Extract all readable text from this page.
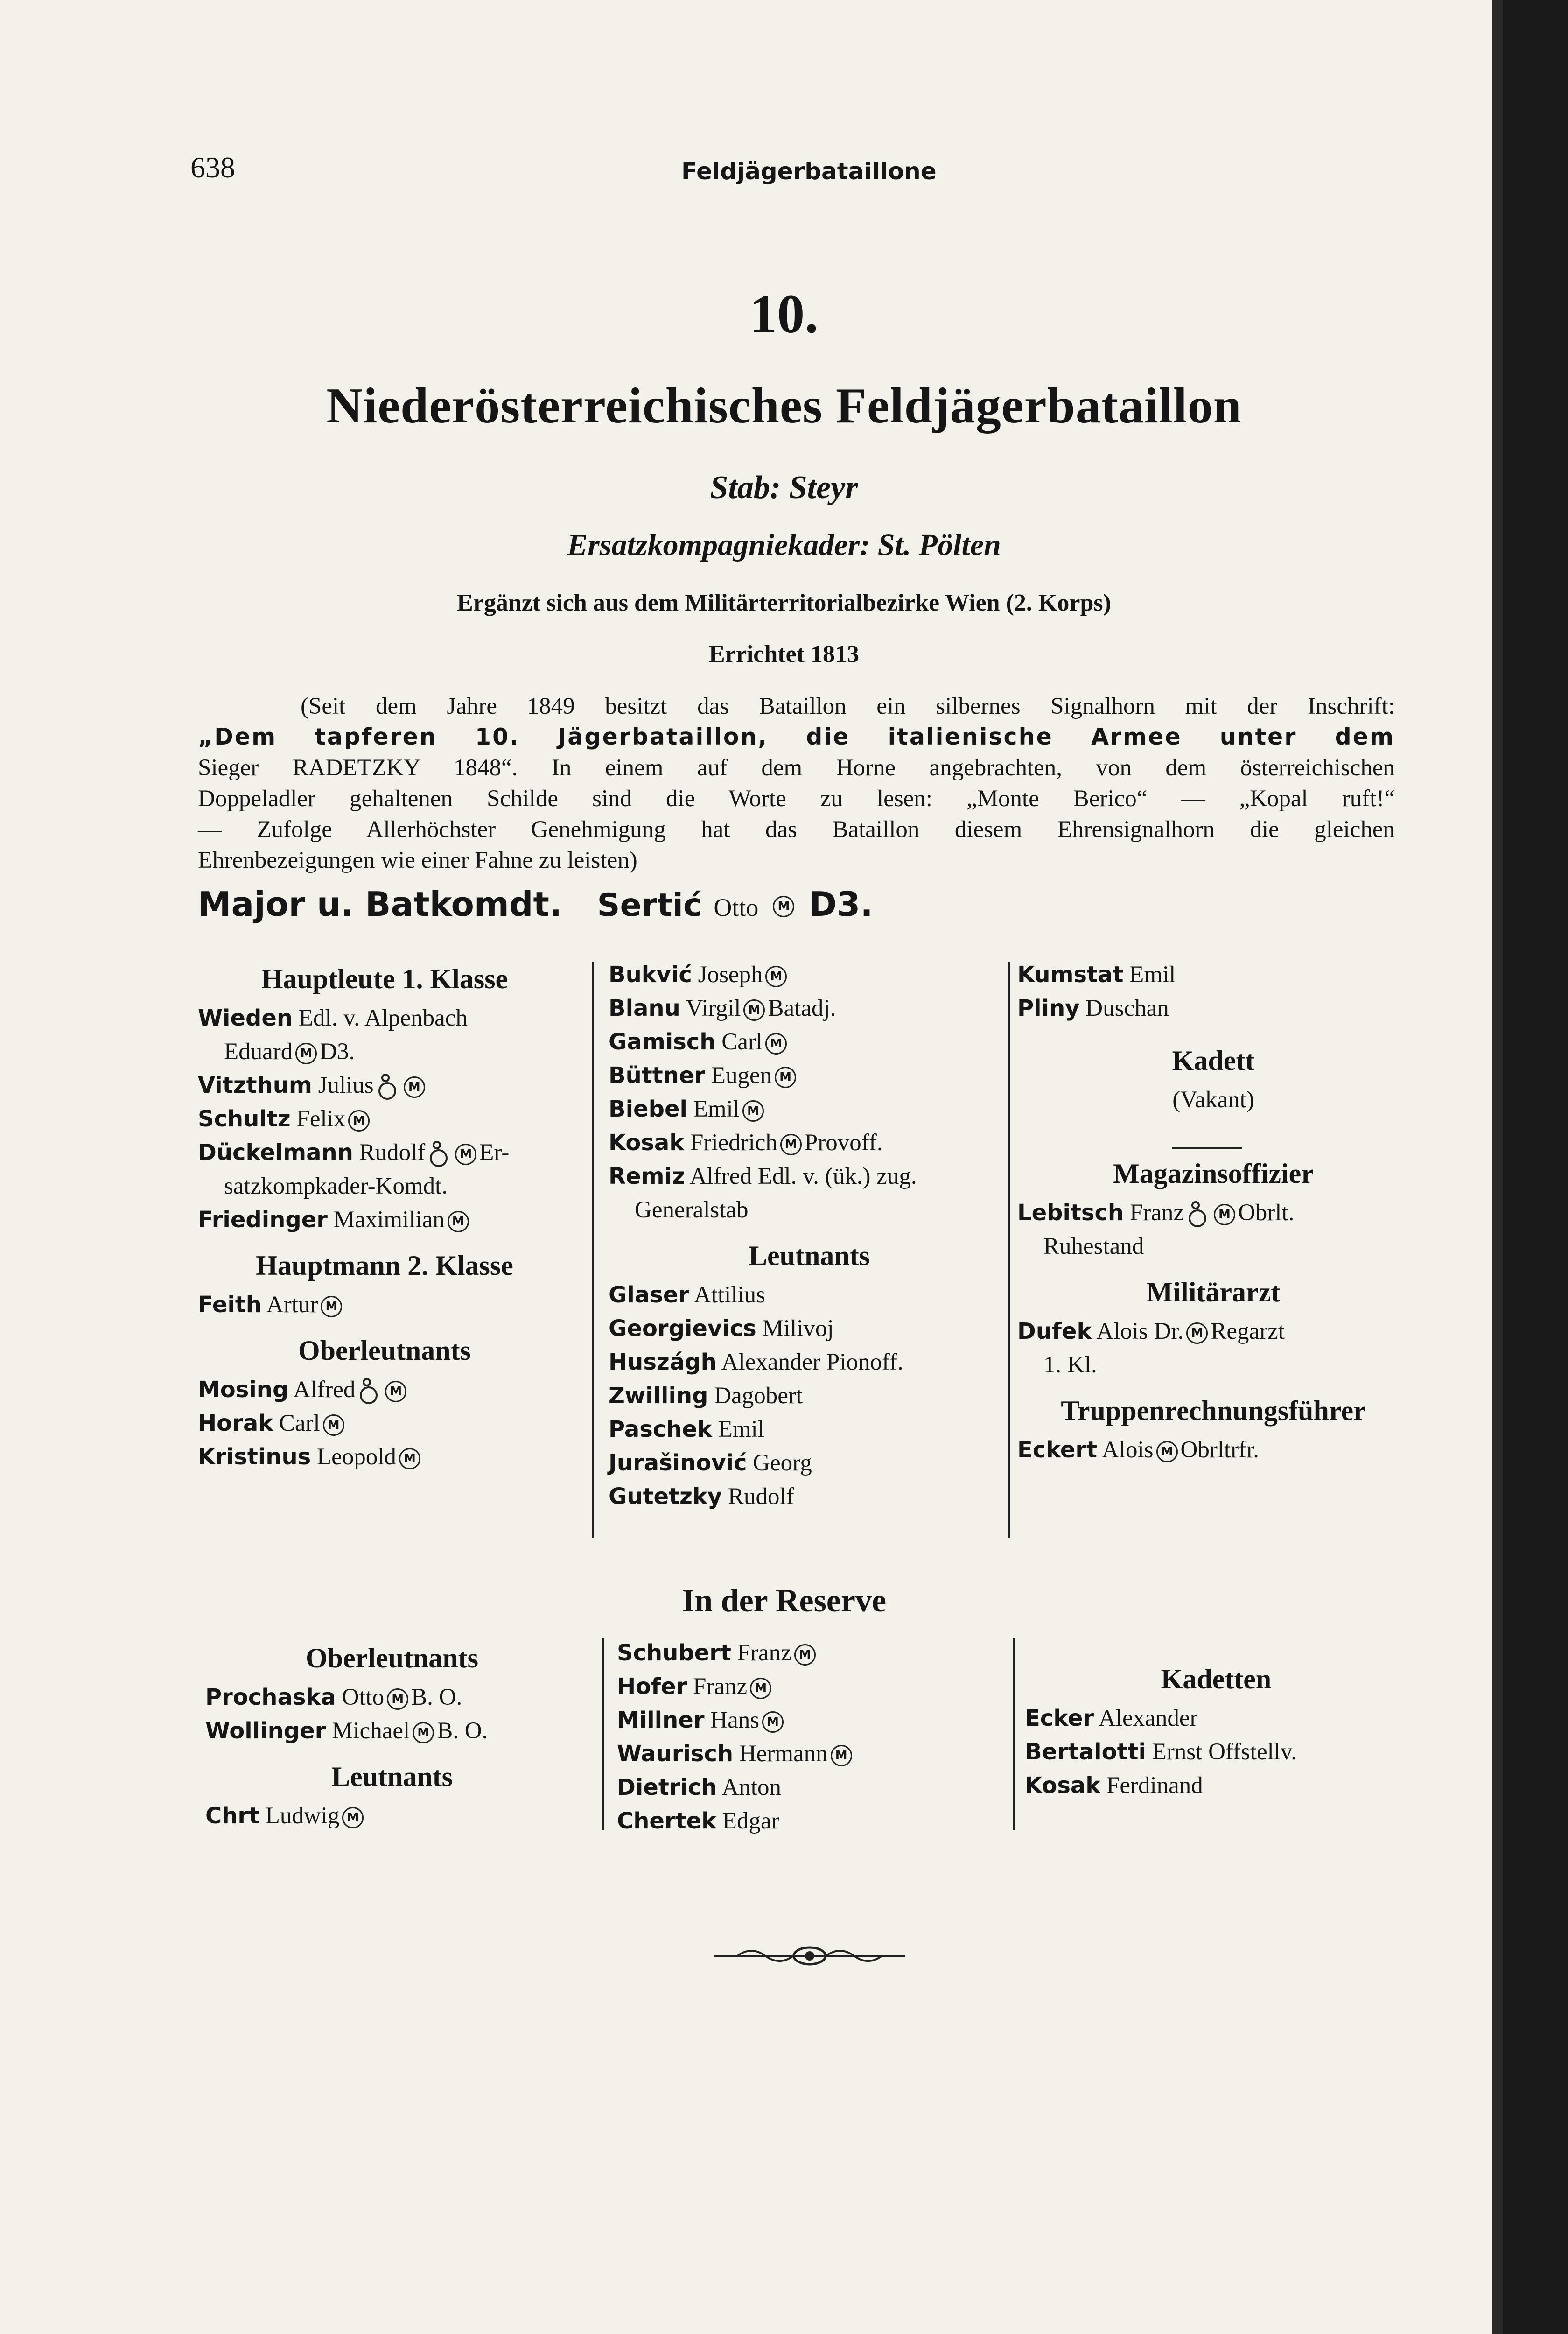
638	Feldjägerbataillone
10.
Niederösterreichisches Feldjägerbataillon
Stab: Steyr
Ersatzkompagniekader: St. Pölten
Ergänzt sich aus dem Militärterritorialbezirke Wien (2. Korps)
Errichtet 1813
(Seit dem Jahre 1849 besitzt das Bataillon ein silbernes Signalhorn mit der Inschrift:
„Dem tapferen 10. Jägerbataillon, die italienische Armee unter dem
Sieger RADETZKY 1848“. In einem auf dem Horne angebrachten, von dem österreichischen
Doppeladler gehaltenen Schilde sind die Worte zu lesen: „Monte Berico“ — „Kopal ruft!“
— Zufolge Allerhöchster Genehmigung hat das Bataillon diesem Ehrensignalhorn die gleichen
Ehrenbezeigungen wie einer Fahne zu leisten)
Major u. Batkomdt. Sertić Otto M D3.
Hauptleute 1. Klasse
Wieden Edl. v. Alpenbach
Eduard M D3.
Vitzthum Julius	M
Schultz Felix M
Dückelmann Rudolf	M Er-
satzkompkader-Komdt.
Friedinger Maximilian M
Hauptmann 2. Klasse
Feith Artur M
Oberleutnants
Mosing Alfred	M
Horak Carl M
Kristinus Leopold M
Bukvić Joseph M
Blanu Virgil M Batadj.
Gamisch Carl M
Büttner Eugen M
Biebel Emil M
Kosak Friedrich M Provoff.
Remiz Alfred Edl. v. (ük.) zug.
Generalstab
Leutnants
Glaser Attilius
Georgievics Milivoj
Huszágh Alexander Pionoff.
Zwilling Dagobert
Paschek Emil
Jurašinović Georg
Gutetzky Rudolf
Kumstat Emil
Pliny Duschan
Kadett
(Vakant)
Magazinsoffizier
Lebitsch Franz	M Obrlt.
Ruhestand
Militärarzt
Dufek Alois Dr. M Regarzt
1. Kl.
Truppenrechnungsführer
Eckert Alois M Obrltrfr.
In der Reserve
Oberleutnants
Prochaska Otto M B. O.
Wollinger Michael M B. O.
Leutnants
Chrt Ludwig M
Schubert Franz M
Hofer Franz M
Millner Hans M
Waurisch Hermann M
Dietrich Anton
Chertek Edgar
Kadetten
Ecker Alexander
Bertalotti Ernst Offstellv.
Kosak Ferdinand
